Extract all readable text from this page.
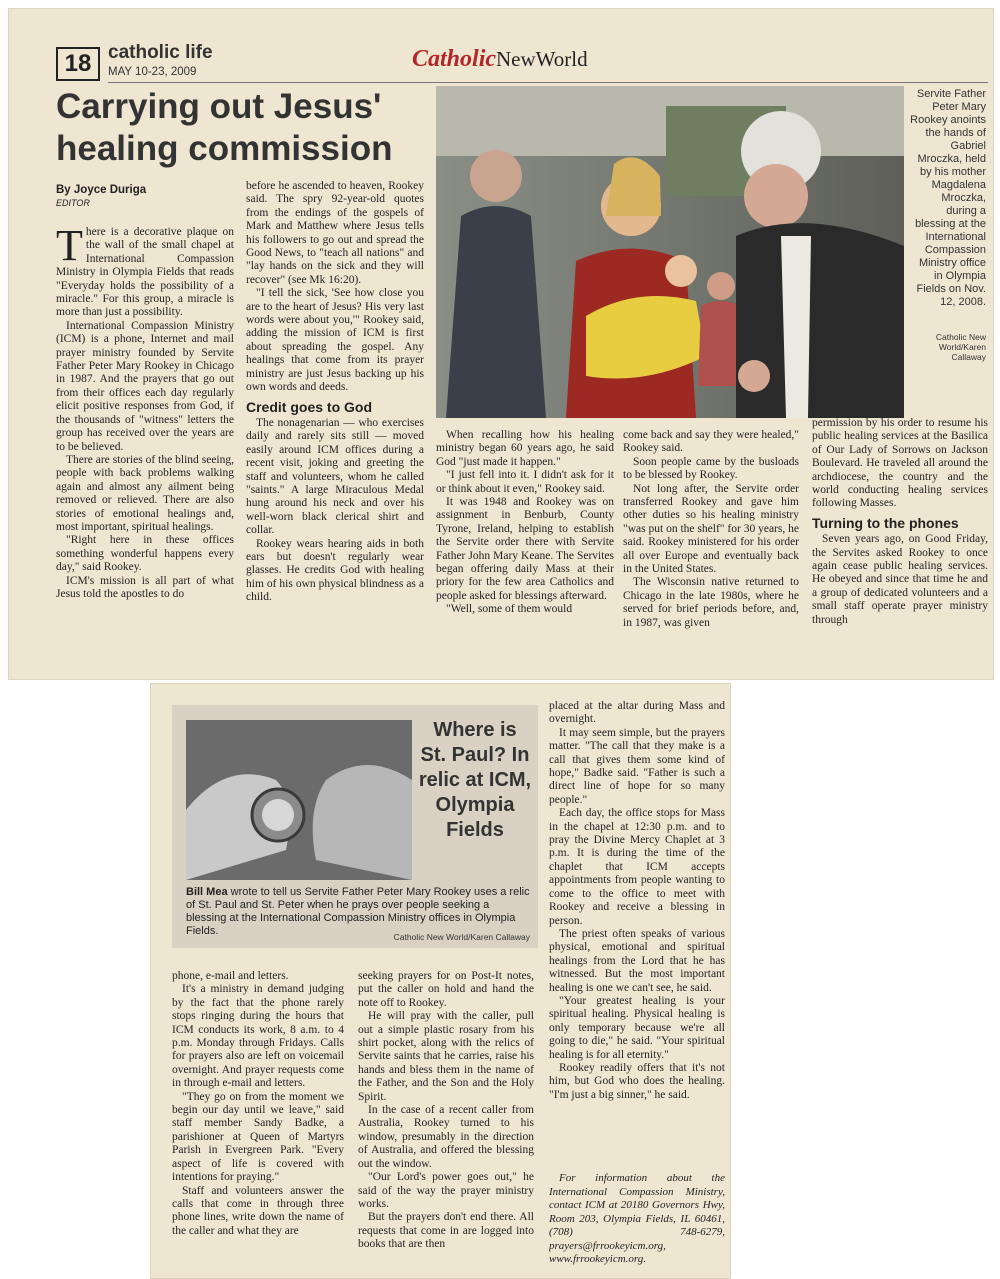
18 catholic life
MAY 10-23, 2009	CatholicNewWorld
Carrying out Jesus' healing commission
By Joyce Duriga
EDITOR

There is a decorative plaque on the wall of the small chapel at International Compassion Ministry in Olympia Fields that reads "Everyday holds the possibility of a miracle." For this group, a miracle is more than just a possibility.

International Compassion Ministry (ICM) is a phone, Internet and mail prayer ministry founded by Servite Father Peter Mary Rookey in Chicago in 1987. And the prayers that go out from their offices each day regularly elicit positive responses from God, if the thousands of "witness" letters the group has received over the years are to be believed.

There are stories of the blind seeing, people with back problems walking again and almost any ailment being removed or relieved. There are also stories of emotional healings and, most important, spiritual healings.

"Right here in these offices something wonderful happens every day," said Rookey.

ICM's mission is all part of what Jesus told the apostles to do

before he ascended to heaven, Rookey said. The spry 92-year-old quotes from the endings of the gospels of Mark and Matthew where Jesus tells his followers to go out and spread the Good News, to "teach all nations" and "lay hands on the sick and they will recover" (see Mk 16:20).

"I tell the sick, 'See how close you are to the heart of Jesus? His very last words were about you,'" Rookey said, adding the mission of ICM is first about spreading the gospel. Any healings that come from its prayer ministry are just Jesus backing up his own words and deeds.

Credit goes to God

The nonagenarian — who exercises daily and rarely sits still — moved easily around ICM offices during a recent visit, joking and greeting the staff and volunteers, whom he called "saints." A large Miraculous Medal hung around his neck and over his well-worn black clerical shirt and collar.

Rookey wears hearing aids in both ears but doesn't regularly wear glasses. He credits God with healing him of his own physical blindness as a child.

Servite Father Peter Mary Rookey anoints the hands of Gabriel Mroczka, held by his mother Magdalena Mroczka, during a blessing at the International Compassion Ministry office in Olympia Fields on Nov. 12, 2008.
Catholic New World/Karen Callaway

When recalling how his healing ministry began 60 years ago, he said God "just made it happen."

"I just fell into it. I didn't ask for it or think about it even," Rookey said.

It was 1948 and Rookey was on assignment in Benburb, County Tyrone, Ireland, helping to establish the Servite order there with Servite Father John Mary Keane. The Servites began offering daily Mass at their priory for the few area Catholics and people asked for blessings afterward.

"Well, some of them would

come back and say they were healed," Rookey said.

Soon people came by the busloads to be blessed by Rookey.

Not long after, the Servite order transferred Rookey and gave him other duties so his healing ministry "was put on the shelf" for 30 years, he said. Rookey ministered for his order all over Europe and eventually back in the United States.

The Wisconsin native returned to Chicago in the late 1980s, where he served for brief periods before, and, in 1987, was given

permission by his order to resume his public healing services at the Basilica of Our Lady of Sorrows on Jackson Boulevard. He traveled all around the archdiocese, the country and the world conducting healing services following Masses.

Turning to the phones

Seven years ago, on Good Friday, the Servites asked Rookey to once again cease public healing services. He obeyed and since that time he and a group of dedicated volunteers and a small staff operate prayer ministry through

Where is St. Paul? In relic at ICM, Olympia Fields
Bill Mea wrote to tell us Servite Father Peter Mary Rookey uses a relic of St. Paul and St. Peter when he prays over people seeking a blessing at the International Compassion Ministry offices in Olympia Fields.	Catholic New World/Karen Callaway

phone, e-mail and letters.

It's a ministry in demand judging by the fact that the phone rarely stops ringing during the hours that ICM conducts its work, 8 a.m. to 4 p.m. Monday through Fridays. Calls for prayers also are left on voicemail overnight. And prayer requests come in through e-mail and letters.

"They go on from the moment we begin our day until we leave," said staff member Sandy Badke, a parishioner at Queen of Martyrs Parish in Evergreen Park. "Every aspect of life is covered with intentions for praying."

Staff and volunteers answer the calls that come in through three phone lines, write down the name of the caller and what they are

seeking prayers for on Post-It notes, put the caller on hold and hand the note off to Rookey.

He will pray with the caller, pull out a simple plastic rosary from his shirt pocket, along with the relics of Servite saints that he carries, raise his hands and bless them in the name of the Father, and the Son and the Holy Spirit.

In the case of a recent caller from Australia, Rookey turned to his window, presumably in the direction of Australia, and offered the blessing out the window.

"Our Lord's power goes out," he said of the way the prayer ministry works.

But the prayers don't end there. All requests that come in are logged into books that are then

placed at the altar during Mass and overnight.

It may seem simple, but the prayers matter. "The call that they make is a call that gives them some kind of hope," Badke said. "Father is such a direct line of hope for so many people."

Each day, the office stops for Mass in the chapel at 12:30 p.m. and to pray the Divine Mercy Chaplet at 3 p.m. It is during the time of the chaplet that ICM accepts appointments from people wanting to come to the office to meet with Rookey and receive a blessing in person.

The priest often speaks of various physical, emotional and spiritual healings from the Lord that he has witnessed. But the most important healing is one we can't see, he said.

"Your greatest healing is your spiritual healing. Physical healing is only temporary because we're all going to die," he said. "Your spiritual healing is for all eternity."

Rookey readily offers that it's not him, but God who does the healing. "I'm just a big sinner," he said.

For information about the International Compassion Ministry, contact ICM at 20180 Governors Hwy, Room 203, Olympia Fields, IL 60461, (708) 748-6279, prayers@frrookeyicm.org, www.frrookeyicm.org.
